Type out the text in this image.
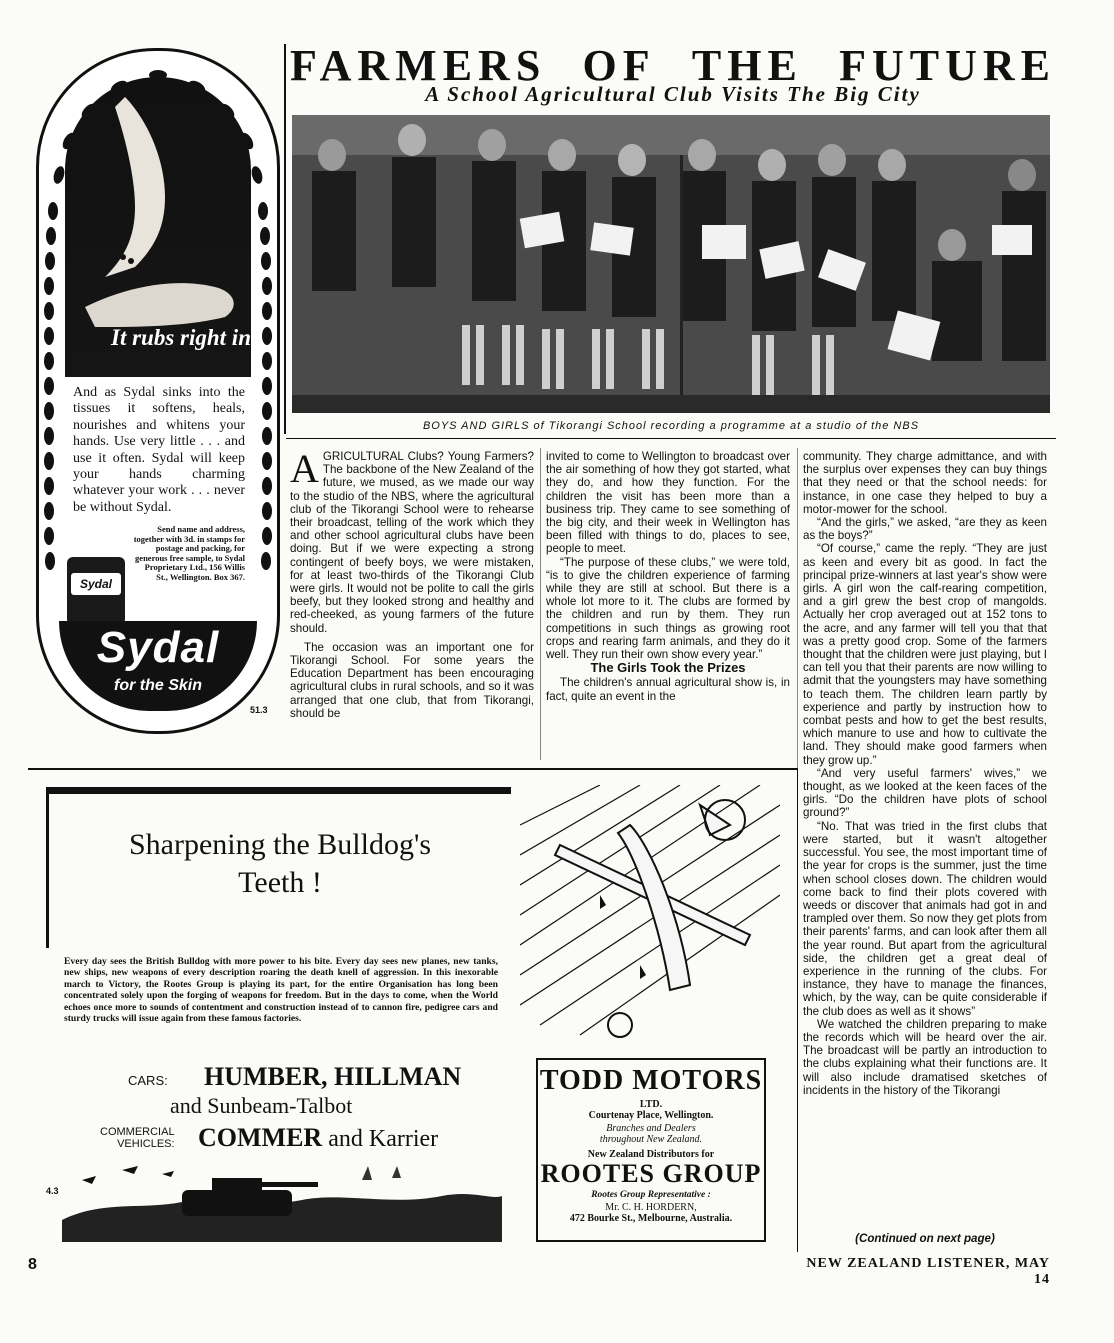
It rubs right in

And as Sydal sinks into the tissues it softens, heals, nourishes and whitens your hands. Use very little . . . and use it often. Sydal will keep your hands charming whatever your work . . . never be without Sydal.

Send name and address, together with 3d. in stamps for postage and packing, for generous free sample, to Sydal Proprietary Ltd., 156 Willis St., Wellington. Box 367.

Sydal
Sydal
for the Skin
51.3
FARMERS OF THE FUTURE
A School Agricultural Club Visits The Big City
BOYS AND GIRLS of Tikorangi School recording a programme at a studio of the NBS

AGRICULTURAL Clubs? Young Farmers? The backbone of the New Zealand of the future, we mused, as we made our way to the studio of the NBS, where the agricultural club of the Tikorangi School were to rehearse their broadcast, telling of the work which they and other school agricultural clubs have been doing. But if we were expecting a strong contingent of beefy boys, we were mistaken, for at least two-thirds of the Tikorangi Club were girls. It would not be polite to call the girls beefy, but they looked strong and healthy and red-cheeked, as young farmers of the future should.

The occasion was an important one for Tikorangi School. For some years the Education Department has been encouraging agricultural clubs in rural schools, and so it was arranged that one club, that from Tikorangi, should be

invited to come to Wellington to broadcast over the air something of how they got started, what they do, and how they function. For the children the visit has been more than a business trip. They came to see something of the big city, and their week in Wellington has been filled with things to do, places to see, people to meet.

“The purpose of these clubs,” we were told, “is to give the children experience of farming while they are still at school. But there is a whole lot more to it. The clubs are formed by the children and run by them. They run competitions in such things as growing root crops and rearing farm animals, and they do it well. They run their own show every year.”

The Girls Took the Prizes

The children's annual agricultural show is, in fact, quite an event in the

community. They charge admittance, and with the surplus over expenses they can buy things that they need or that the school needs: for instance, in one case they helped to buy a motor-mower for the school.

“And the girls,” we asked, “are they as keen as the boys?”

“Of course,” came the reply. “They are just as keen and every bit as good. In fact the principal prize-winners at last year's show were girls. A girl won the calf-rearing competition, and a girl grew the best crop of mangolds. Actually her crop averaged out at 152 tons to the acre, and any farmer will tell you that that was a pretty good crop. Some of the farmers thought that the children were just playing, but I can tell you that their parents are now willing to admit that the youngsters may have something to teach them. The children learn partly by experience and partly by instruction how to combat pests and how to get the best results, which manure to use and how to cultivate the land. They should make good farmers when they grow up.”

“And very useful farmers' wives,” we thought, as we looked at the keen faces of the girls. “Do the children have plots of school ground?”

“No. That was tried in the first clubs that were started, but it wasn't altogether successful. You see, the most important time of the year for crops is the summer, just the time when school closes down. The children would come back to find their plots covered with weeds or discover that animals had got in and trampled over them. So now they get plots from their parents' farms, and can look after them all the year round. But apart from the agricultural side, the children get a great deal of experience in the running of the clubs. For instance, they have to manage the finances, which, by the way, can be quite considerable if the club does as well as it shows”

We watched the children preparing to make the records which will be heard over the air. The broadcast will be partly an introduction to the clubs explaining what their functions are. It will also include dramatised sketches of incidents in the history of the Tikorangi

(Continued on next page)
Sharpening the Bulldog's
Teeth !

Every day sees the British Bulldog with more power to his bite. Every day sees new planes, new tanks, new ships, new weapons of every description roaring the death knell of aggression. In this inexorable march to Victory, the Rootes Group is playing its part, for the entire Organisation has long been concentrated solely upon the forging of weapons for freedom. But in the days to come, when the World echoes once more to sounds of contentment and construction instead of to cannon fire, pedigree cars and sturdy trucks will issue again from these famous factories.

CARS: HUMBER, HILLMAN
and Sunbeam-Talbot
COMMERCIAL
VEHICLES: COMMER and Karrier
4.3
TODD MOTORS
LTD.
Courtenay Place, Wellington.
Branches and Dealers
throughout New Zealand.
New Zealand Distributors for
ROOTES GROUP
Rootes Group Representative :
Mr. C. H. HORDERN,
472 Bourke St., Melbourne, Australia.
8	NEW ZEALAND LISTENER, MAY 14
